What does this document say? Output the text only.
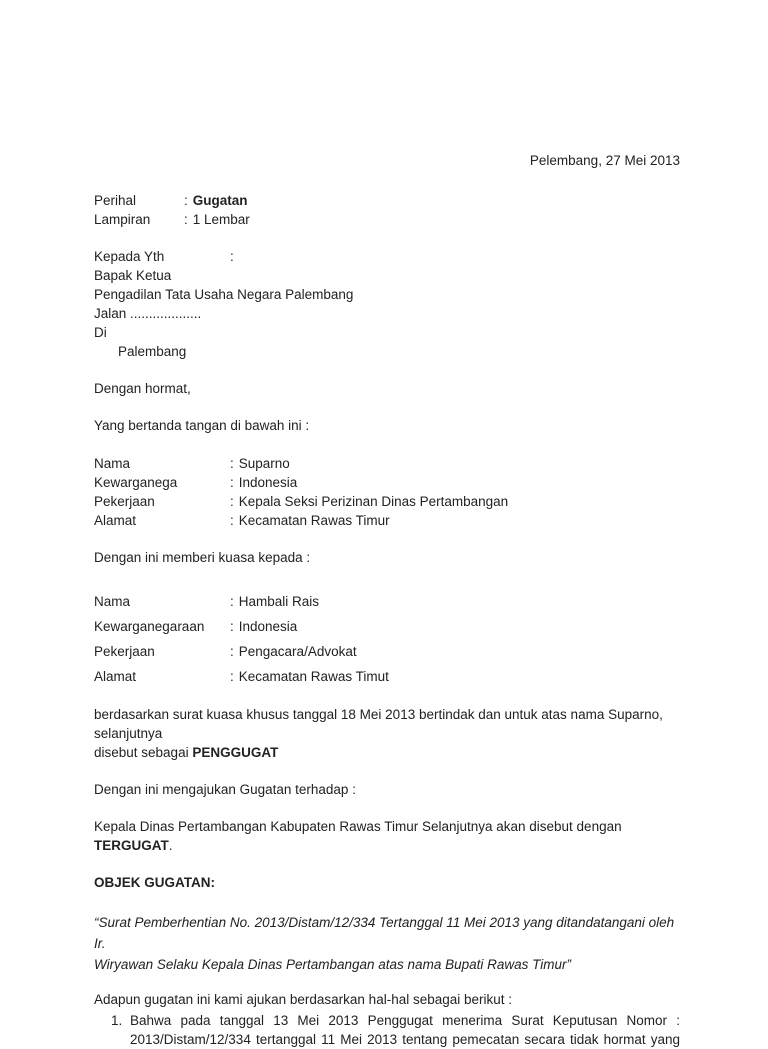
Pelembang, 27 Mei 2013
Perihal	: Gugatan
Lampiran	: 1 Lembar
Kepada Yth	:
Bapak Ketua
Pengadilan Tata Usaha Negara Palembang
Jalan ...................
Di
Palembang
Dengan hormat,
Yang bertanda tangan di bawah ini :
Nama	: Suparno
Kewarganega	: Indonesia
Pekerjaan	: Kepala Seksi Perizinan Dinas Pertambangan
Alamat	: Kecamatan Rawas Timur
Dengan ini memberi kuasa kepada :
Nama	: Hambali Rais
Kewarganegaraan	: Indonesia
Pekerjaan	: Pengacara/Advokat
Alamat	: Kecamatan Rawas Timut
berdasarkan surat kuasa khusus tanggal 18 Mei 2013 bertindak dan untuk atas nama Suparno, selanjutnya
disebut sebagai PENGGUGAT
Dengan ini mengajukan Gugatan terhadap :
Kepala Dinas Pertambangan Kabupaten Rawas Timur Selanjutnya akan disebut dengan TERGUGAT.
OBJEK GUGATAN:
“Surat Pemberhentian No. 2013/Distam/12/334 Tertanggal 11 Mei 2013 yang ditandatangani oleh Ir.
Wiryawan Selaku Kepala Dinas Pertambangan atas nama Bupati Rawas Timur”
Adapun gugatan ini kami ajukan berdasarkan hal-hal sebagai berikut :
1. Bahwa pada tanggal 13 Mei 2013 Penggugat menerima Surat Keputusan Nomor :
2013/Distam/12/334 tertanggal 11 Mei 2013 tentang pemecatan secara tidak hormat yang
